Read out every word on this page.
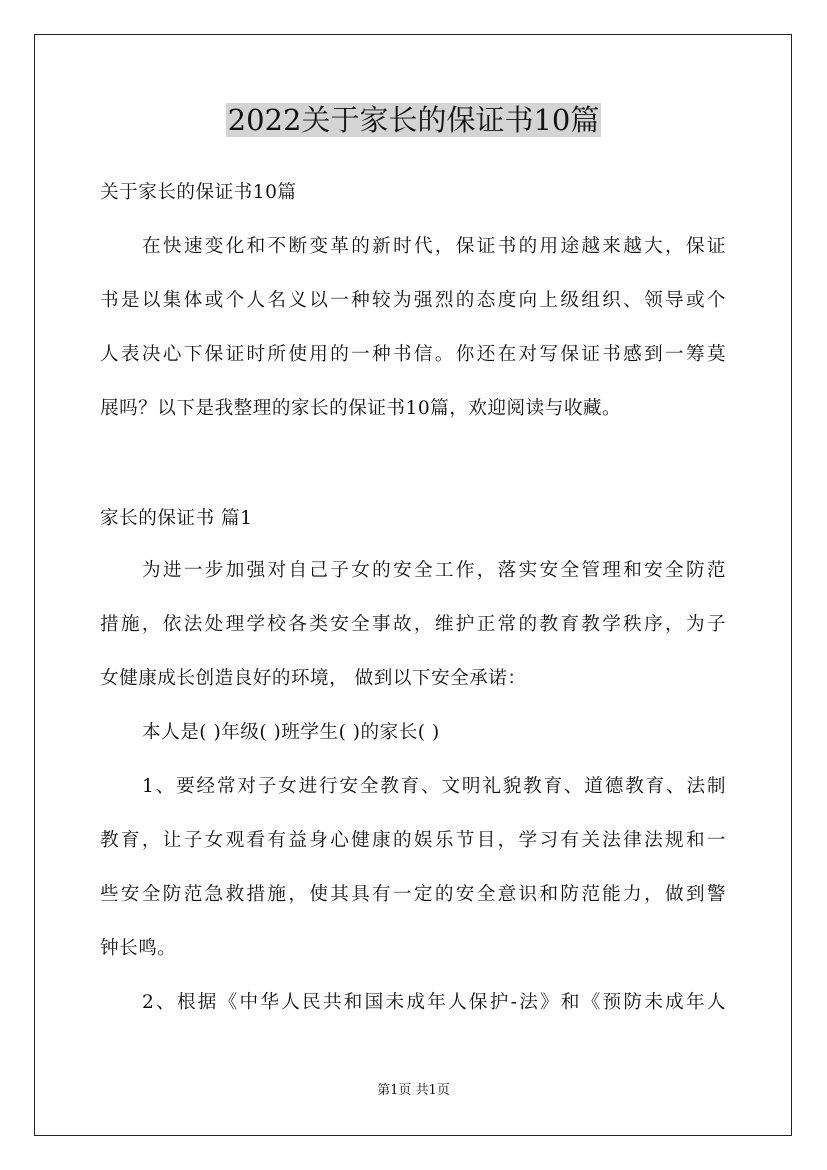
2022关于家长的保证书10篇

关于家长的保证书10篇

在快速变化和不断变革的新时代，保证书的用途越来越大，保证
书是以集体或个人名义以一种较为强烈的态度向上级组织、领导或个
人表决心下保证时所使用的一种书信。你还在对写保证书感到一筹莫
展吗？以下是我整理的家长的保证书10篇，欢迎阅读与收藏。

家长的保证书 篇1

为进一步加强对自己子女的安全工作，落实安全管理和安全防范
措施，依法处理学校各类安全事故，维护正常的教育教学秩序，为子
女健康成长创造良好的环境， 做到以下安全承诺：

本人是( )年级( )班学生( )的家长( )

1、要经常对子女进行安全教育、文明礼貌教育、道德教育、法制
教育，让子女观看有益身心健康的娱乐节目，学习有关法律法规和一
些安全防范急救措施，使其具有一定的安全意识和防范能力，做到警
钟长鸣。

2、根据《中华人民共和国未成年人保护-法》和《预防未成年人

第1页 共1页
